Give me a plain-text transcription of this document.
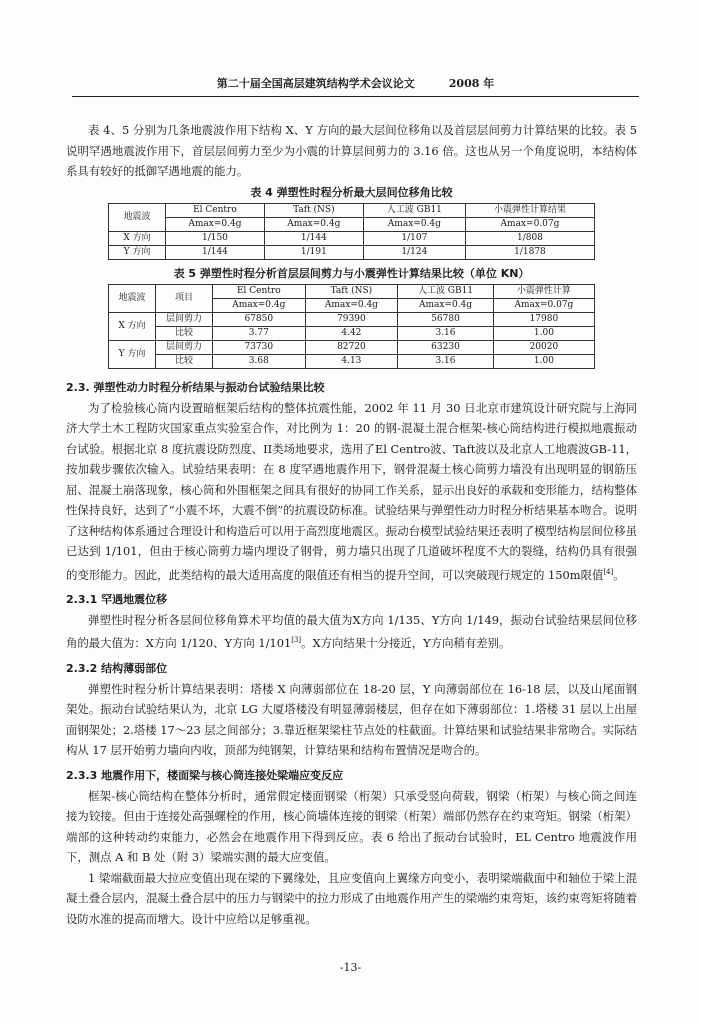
第二十届全国高层建筑结构学术会议论文	2008 年

表 4、5 分别为几条地震波作用下结构 X、Y 方向的最大层间位移角以及首层层间剪力计算结果的比较。表 5 说明罕遇地震波作用下，首层层间剪力至少为小震的计算层间剪力的 3.16 倍。这也从另一个角度说明，本结构体系具有较好的抵御罕遇地震的能力。

表 4 弹塑性时程分析最大层间位移角比较
地震波	El Centro	Taft (NS)	人工波 GB11	小震弹性计算结果
	Amax=0.4g	Amax=0.4g	Amax=0.4g	Amax=0.07g
X 方向	1/150	1/144	1/107	1/808
Y 方向	1/144	1/191	1/124	1/1878
表 5 弹塑性时程分析首层层间剪力与小震弹性计算结果比较（单位 KN）
地震波	项目	El Centro	Taft (NS)	人工波 GB11	小震弹性计算
		Amax=0.4g	Amax=0.4g	Amax=0.4g	Amax=0.07g
X 方向	层间剪力	67850	79390	56780	17980
	比较	3.77	4.42	3.16	1.00
Y 方向	层间剪力	73730	82720	63230	20020
	比较	3.68	4.13	3.16	1.00
2.3. 弹塑性动力时程分析结果与振动台试验结果比较

为了检验核心筒内设置暗框架后结构的整体抗震性能，2002 年 11 月 30 日北京市建筑设计研究院与上海同济大学土木工程防灾国家重点实验室合作，对比例为 1：20 的钢-混凝土混合框架-核心筒结构进行模拟地震振动台试验。根据北京 8 度抗震设防烈度、II类场地要求，选用了El Centro波、Taft波以及北京人工地震波GB-11，按加载步骤依次输入。试验结果表明：在 8 度罕遇地震作用下，钢骨混凝土核心筒剪力墙没有出现明显的钢筋压屈、混凝土崩落现象，核心筒和外围框架之间具有很好的协同工作关系，显示出良好的承载和变形能力，结构整体性保持良好，达到了“小震不坏，大震不倒”的抗震设防标准。试验结果与弹塑性动力时程分析结果基本吻合。说明了这种结构体系通过合理设计和构造后可以用于高烈度地震区。振动台模型试验结果还表明了模型结构层间位移虽已达到 1/101，但由于核心筒剪力墙内埋设了钢骨，剪力墙只出现了几道破坏程度不大的裂缝，结构仍具有很强的变形能力。因此，此类结构的最大适用高度的限值还有相当的提升空间，可以突破现行规定的 150m限值[4]。

2.3.1 罕遇地震位移

弹塑性时程分析各层间位移角算术平均值的最大值为X方向 1/135、Y方向 1/149，振动台试验结果层间位移角的最大值为：X方向 1/120、Y方向 1/101[3]。X方向结果十分接近，Y方向稍有差别。

2.3.2 结构薄弱部位

弹塑性时程分析计算结果表明：塔楼 X 向薄弱部位在 18-20 层，Y 向薄弱部位在 16-18 层，以及山尾面钢架处。振动台试验结果认为，北京 LG 大厦塔楼没有明显薄弱楼层，但存在如下薄弱部位：1.塔楼 31 层以上出屋面钢架处；2.塔楼 17～23 层之间部分；3.靠近框架梁柱节点处的柱截面。计算结果和试验结果非常吻合。实际结构从 17 层开始剪力墙向内收，顶部为纯钢架，计算结果和结构布置情况是吻合的。

2.3.3 地震作用下，楼面梁与核心筒连接处梁端应变反应

框架-核心筒结构在整体分析时，通常假定楼面钢梁（桁架）只承受竖向荷载，钢梁（桁架）与核心筒之间连接为铰接。但由于连接处高强螺栓的作用，核心筒墙体连接的钢梁（桁架）端部仍然存在约束弯矩。钢梁（桁架）端部的这种转动约束能力，必然会在地震作用下得到反应。表 6 给出了振动台试验时，EL Centro 地震波作用下，测点 A 和 B 处（附 3）梁端实测的最大应变值。

1 梁端截面最大拉应变值出现在梁的下翼缘处，且应变值向上翼缘方向变小，表明梁端截面中和轴位于梁上混凝土叠合层内，混凝土叠合层中的压力与钢梁中的拉力形成了由地震作用产生的梁端约束弯矩，该约束弯矩将随着设防水准的提高而增大。设计中应给以足够重视。

-13-
